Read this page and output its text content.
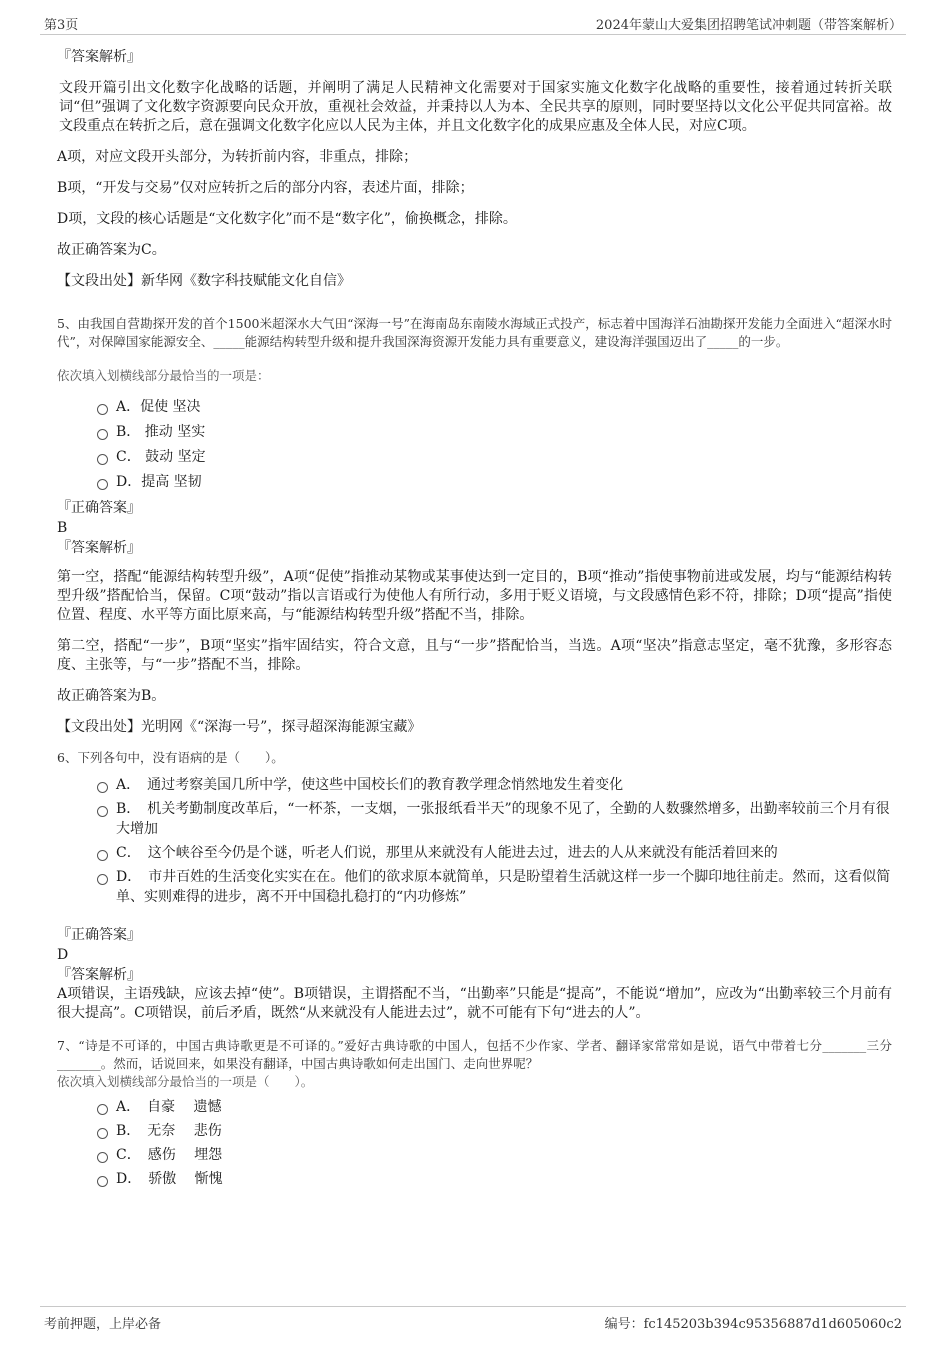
第3页	2024年蒙山大爱集团招聘笔试冲刺题（带答案解析）

『答案解析』

文段开篇引出文化数字化战略的话题，并阐明了满足人民精神文化需要对于国家实施文化数字化战略的重要性，接着通过转折关联词“但”强调了文化数字资源要向民众开放，重视社会效益，并秉持以人为本、全民共享的原则，同时要坚持以文化公平促共同富裕。故文段重点在转折之后，意在强调文化数字化应以人民为主体，并且文化数字化的成果应惠及全体人民，对应C项。

A项，对应文段开头部分，为转折前内容，非重点，排除；

B项，“开发与交易”仅对应转折之后的部分内容，表述片面，排除；

D项，文段的核心话题是“文化数字化”而不是“数字化”，偷换概念，排除。

故正确答案为C。

【文段出处】新华网《数字科技赋能文化自信》

5、由我国自营勘探开发的首个1500米超深水大气田“深海一号”在海南岛东南陵水海域正式投产，标志着中国海洋石油勘探开发能力全面进入“超深水时代”，对保障国家能源安全、_____能源结构转型升级和提升我国深海资源开发能力具有重要意义，建设海洋强国迈出了_____的一步。

依次填入划横线部分最恰当的一项是：

A．促使 坚决
B． 推动 坚实
C． 鼓动 坚定
D．提高 坚韧

『正确答案』

B

『答案解析』

第一空，搭配“能源结构转型升级”，A项“促使”指推动某物或某事使达到一定目的，B项“推动”指使事物前进或发展，均与“能源结构转型升级”搭配恰当，保留。C项“鼓动”指以言语或行为使他人有所行动，多用于贬义语境，与文段感情色彩不符，排除；D项“提高”指使位置、程度、水平等方面比原来高，与“能源结构转型升级”搭配不当，排除。

第二空，搭配“一步”，B项“坚实”指牢固结实，符合文意，且与“一步”搭配恰当，当选。A项“坚决”指意志坚定，毫不犹豫，多形容态度、主张等，与“一步”搭配不当，排除。

故正确答案为B。

【文段出处】光明网《“深海一号”，探寻超深海能源宝藏》

6、下列各句中，没有语病的是（　　）。

A．　通过考察美国几所中学，使这些中国校长们的教育教学理念悄然地发生着变化
B．　机关考勤制度改革后，“一杯茶，一支烟，一张报纸看半天”的现象不见了，全勤的人数骤然增多，出勤率较前三个月有很大增加
C．　这个峡谷至今仍是个谜，听老人们说，那里从来就没有人能进去过，进去的人从来就没有能活着回来的
D．　市井百姓的生活变化实实在在。他们的欲求原本就简单，只是盼望着生活就这样一步一个脚印地往前走。然而，这看似简单、实则难得的进步，离不开中国稳扎稳打的“内功修炼”

『正确答案』

D

『答案解析』

A项错误，主语残缺，应该去掉“使”。B项错误，主谓搭配不当，“出勤率”只能是“提高”，不能说“增加”，应改为“出勤率较三个月前有很大提高”。C项错误，前后矛盾，既然“从来就没有人能进去过”，就不可能有下句“进去的人”。

7、“诗是不可译的，中国古典诗歌更是不可译的。”爱好古典诗歌的中国人，包括不少作家、学者、翻译家常常如是说，语气中带着七分_______三分_______。然而，话说回来，如果没有翻译，中国古典诗歌如何走出国门、走向世界呢？

依次填入划横线部分最恰当的一项是（　　）。

A．　自豪　 遗憾
B．　无奈　 悲伤
C．　感伤　 埋怨
D．　骄傲　 惭愧
考前押题，上岸必备	编号：fc145203b394c95356887d1d605060c2
